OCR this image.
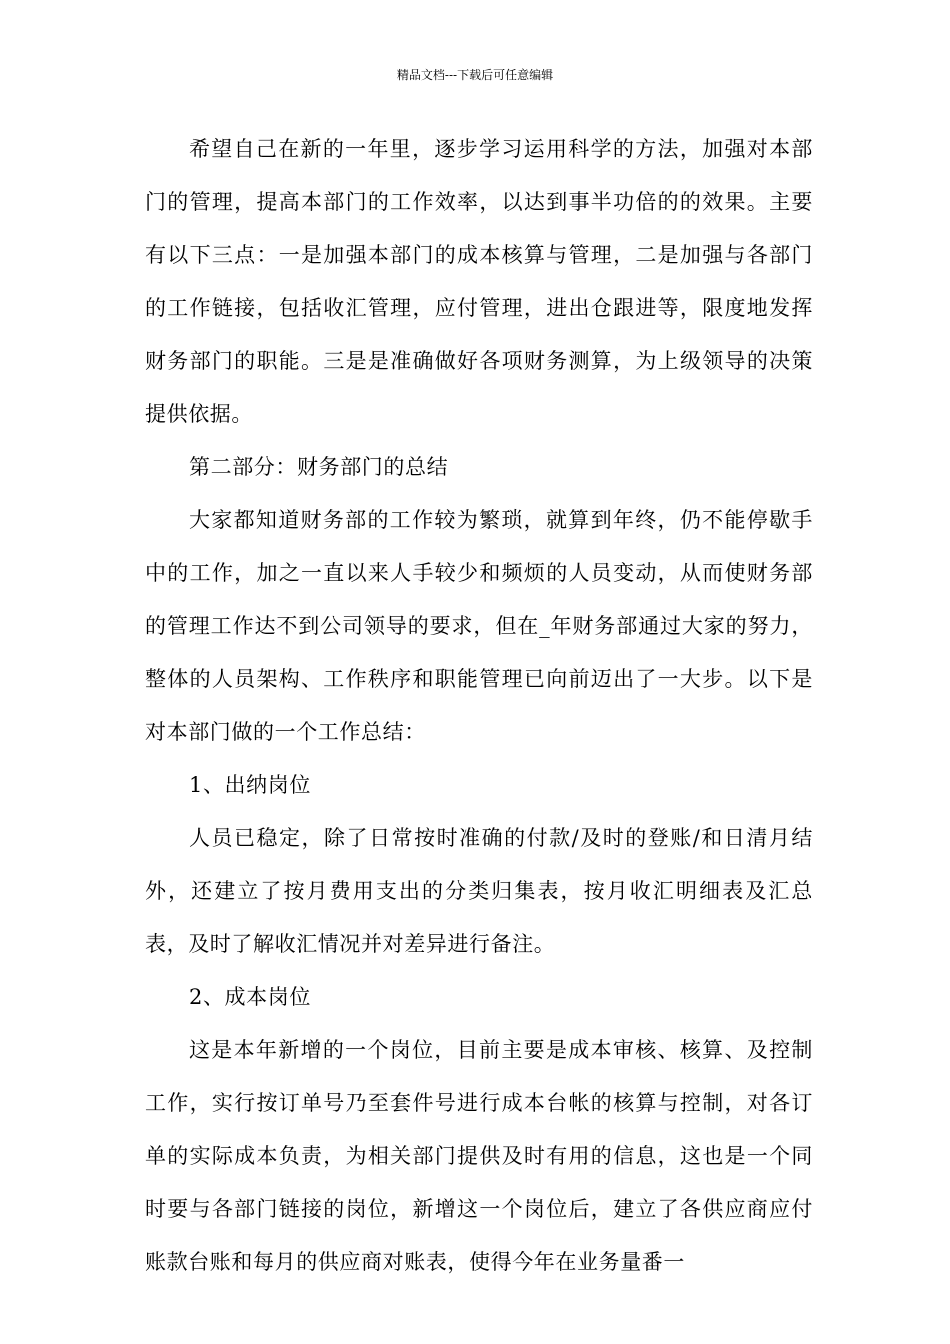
精品文档---下载后可任意编辑

希望自己在新的一年里，逐步学习运用科学的方法，加强对本部门的管理，提高本部门的工作效率，以达到事半功倍的的效果。主要有以下三点：一是加强本部门的成本核算与管理，二是加强与各部门的工作链接，包括收汇管理，应付管理，进出仓跟进等，限度地发挥财务部门的职能。三是是准确做好各项财务测算，为上级领导的决策提供依据。

第二部分：财务部门的总结

大家都知道财务部的工作较为繁琐，就算到年终，仍不能停歇手中的工作，加之一直以来人手较少和频烦的人员变动，从而使财务部的管理工作达不到公司领导的要求，但在_年财务部通过大家的努力，整体的人员架构、工作秩序和职能管理已向前迈出了一大步。以下是对本部门做的一个工作总结：

1、出纳岗位

人员已稳定，除了日常按时准确的付款/及时的登账/和日清月结外，还建立了按月费用支出的分类归集表，按月收汇明细表及汇总表，及时了解收汇情况并对差异进行备注。

2、成本岗位

这是本年新增的一个岗位，目前主要是成本审核、核算、及控制工作，实行按订单号乃至套件号进行成本台帐的核算与控制，对各订单的实际成本负责，为相关部门提供及时有用的信息，这也是一个同时要与各部门链接的岗位，新增这一个岗位后，建立了各供应商应付账款台账和每月的供应商对账表，使得今年在业务量番一
